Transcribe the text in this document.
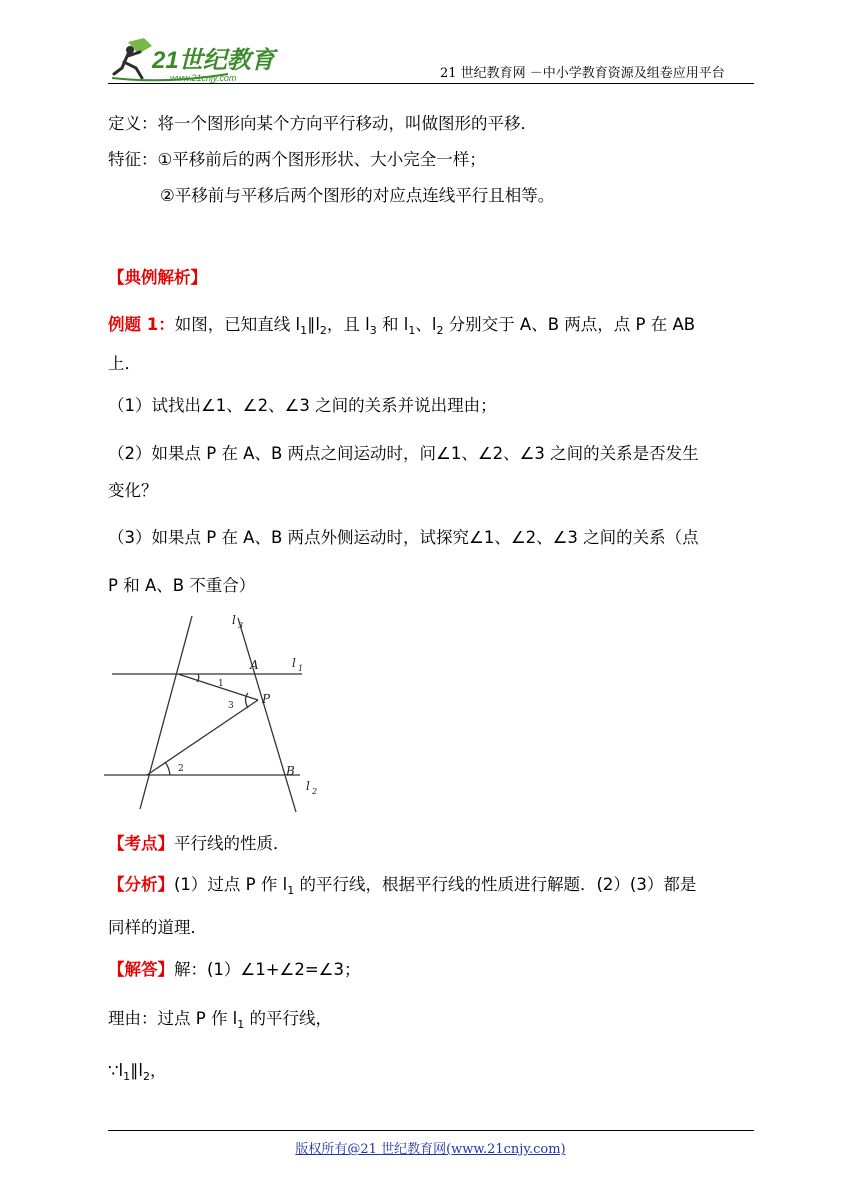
21世纪教育
www.21cnjy.com	21 世纪教育网 －中小学教育资源及组卷应用平台
定义：将一个图形向某个方向平行移动，叫做图形的平移．
特征：①平移前后的两个图形形状、大小完全一样；
②平移前与平移后两个图形的对应点连线平行且相等。
【典例解析】
例题 1：如图，已知直线 $l_1\parallel l_2$，且 $l_3$ 和 $l_1$、$l_2$ 分别交于 A、B 两点，点 P 在 AB
上．
（1）试找出∠1、∠2、∠3 之间的关系并说出理由；
（2）如果点 P 在 A、B 两点之间运动时，问∠1、∠2、∠3 之间的关系是否发生
变化？
（3）如果点 P 在 A、B 两点外侧运动时，试探究∠1、∠2、∠3 之间的关系（点
P 和 A、B 不重合）
l 3
A	l 1
P
B
l 2
1
3
2
【考点】平行线的性质．
【分析】(1）过点 P 作 $l_1$ 的平行线，根据平行线的性质进行解题．(2）(3）都是
同样的道理．
【解答】解：(1）∠1+∠2=∠3；
理由：过点 P 作 $l_1$ 的平行线，
$\because l_1\parallel l_2$，
版权所有@21 世纪教育网(www.21cnjy.com)
